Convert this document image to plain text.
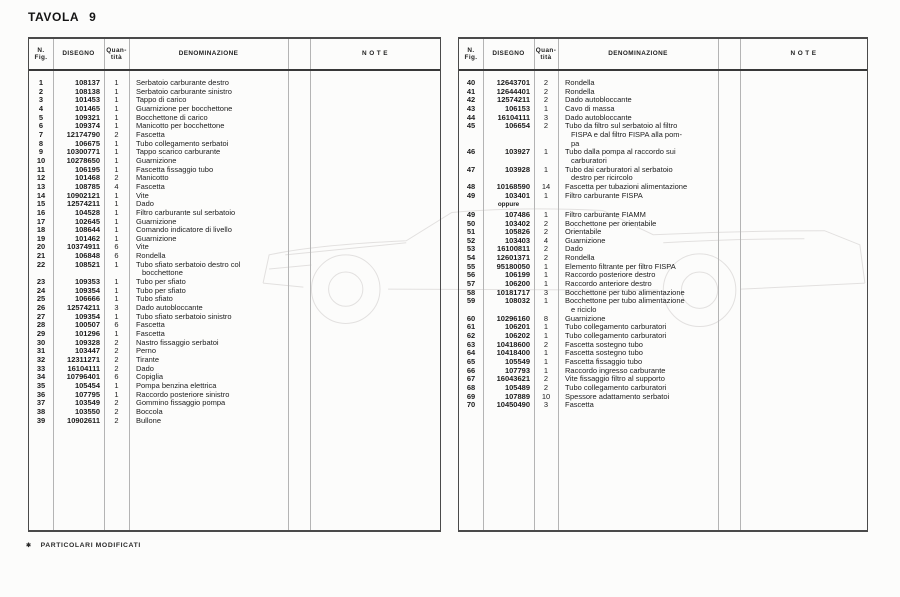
TAVOLA 9
N.
Fig.
DISEGNO
Quan-
tità
DENOMINAZIONE	N O T E
1	108137	1	Serbatoio carburante destro
2	108138	1	Serbatoio carburante sinistro
3	101453	1	Tappo di carico
4	101465	1	Guarnizione per bocchettone
5	109321	1	Bocchettone di carico
6	109374	1	Manicotto per bocchettone
7	12174790	2	Fascetta
8	106675	1	Tubo collegamento serbatoi
9	10300771	1	Tappo scarico carburante
10	10278650	1	Guarnizione
11	106195	1	Fascetta fissaggio tubo
12	101468	2	Manicotto
13	108785	4	Fascetta
14	10902121	1	Vite
15	12574211	1	Dado
16	104528	1	Filtro carburante sul serbatoio
17	102645	1	Guarnizione
18	108644	1	Comando indicatore di livello
19	101462	1	Guarnizione
20	10374911	6	Vite
21	106848	6	Rondella
22	108521	1	Tubo sfiato serbatoio destro col
bocchettone
23	109353	1	Tubo per sfiato
24	109354	1	Tubo per sfiato
25	106666	1	Tubo sfiato
26	12574211	3	Dado autobloccante
27	109354	1	Tubo sfiato serbatoio sinistro
28	100507	6	Fascetta
29	101296	1	Fascetta
30	109328	2	Nastro fissaggio serbatoi
31	103447	2	Perno
32	12311271	2	Tirante
33	16104111	2	Dado
34	10796401	6	Copiglia
35	105454	1	Pompa benzina elettrica
36	107795	1	Raccordo posteriore sinistro
37	103549	2	Gommino fissaggio pompa
38	103550	2	Boccola
39	10902611	2	Bullone
N.
Fig.
DISEGNO
Quan-
tità
DENOMINAZIONE	N O T E
40	12643701	2	Rondella
41	12644401	2	Rondella
42	12574211	2	Dado autobloccante
43	106153	1	Cavo di massa
44	16104111	3	Dado autobloccante
45	106654	2	Tubo da filtro sul serbatoio al filtro
FISPA e dal filtro FISPA alla pom-
pa
46	103927	1	Tubo dalla pompa al raccordo sui
carburatori
47	103928	1	Tubo dai carburatori al serbatoio
destro per ricircolo
48	10168590	14	Fascetta per tubazioni alimentazione
49	103401	1	Filtro carburante FISPA
oppure
49	107486	1	Filtro carburante FIAMM
50	103402	2	Bocchettone per orientabile
51	105826	2	Orientabile
52	103403	4	Guarnizione
53	16100811	2	Dado
54	12601371	2	Rondella
55	95180050	1	Elemento filtrante per filtro FISPA
56	106199	1	Raccordo posteriore destro
57	106200	1	Raccordo anteriore destro
58	10181717	3	Bocchettone per tubo alimentazione
59	108032	1	Bocchettone per tubo alimentazione
e riciclo
60	10296160	8	Guarnizione
61	106201	1	Tubo collegamento carburatori
62	106202	1	Tubo collegamento carburatori
63	10418600	2	Fascetta sostegno tubo
64	10418400	1	Fascetta sostegno tubo
65	105549	1	Fascetta fissaggio tubo
66	107793	1	Raccordo ingresso carburante
67	16043621	2	Vite fissaggio filtro al supporto
68	105489	2	Tubo collegamento carburatori
69	107889	10	Spessore adattamento serbatoi
70	10450490	3	Fascetta
✱ PARTICOLARI MODIFICATI
